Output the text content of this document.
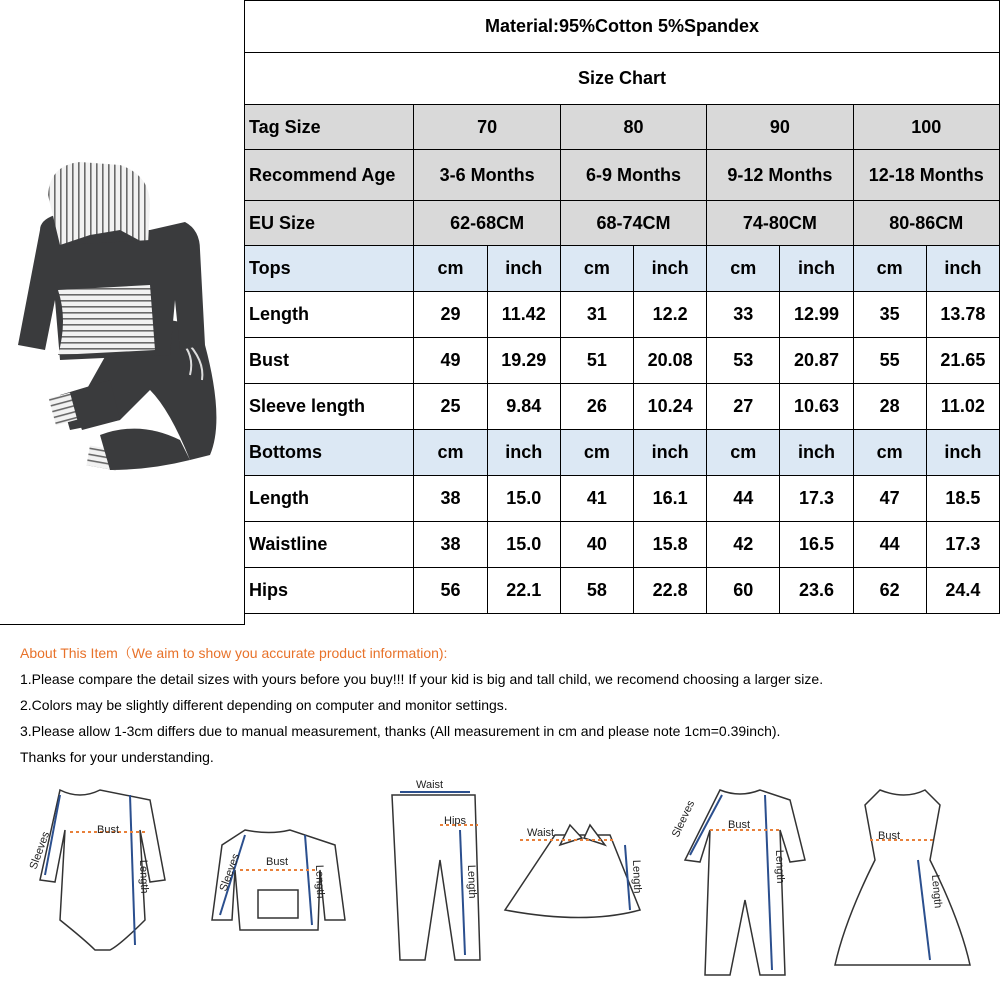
Material:95%Cotton 5%Spandex								
Size Chart								
Tag Size	70		80		90		100	
Recommend Age	3-6 Months		6-9 Months		9-12 Months		12-18 Months	
EU Size	62-68CM		68-74CM		74-80CM		80-86CM	
Tops	cm	inch	cm	inch	cm	inch	cm	inch
Length	29	11.42	31	12.2	33	12.99	35	13.78
Bust	49	19.29	51	20.08	53	20.87	55	21.65
Sleeve length	25	9.84	26	10.24	27	10.63	28	11.02
Bottoms	cm	inch	cm	inch	cm	inch	cm	inch
Length	38	15.0	41	16.1	44	17.3	47	18.5
Waistline	38	15.0	40	15.8	42	16.5	44	17.3
Hips	56	22.1	58	22.8	60	23.6	62	24.4
About This Item（We aim to show you accurate product information):
1.Please compare the detail sizes with yours before you buy!!! If your kid is big and tall child, we recomend choosing a larger size.
2.Colors may be slightly different depending on computer and monitor settings.
3.Please allow 1-3cm differs due to manual measurement, thanks (All measurement in cm and please note 1cm=0.39inch).
Thanks for your understanding.
Bust
Bust
Bust
Bust
Waist
Waist
Hips
Sleeves
Sleeves
Sleeves
Length	Length	Length	Length	Length
Length
